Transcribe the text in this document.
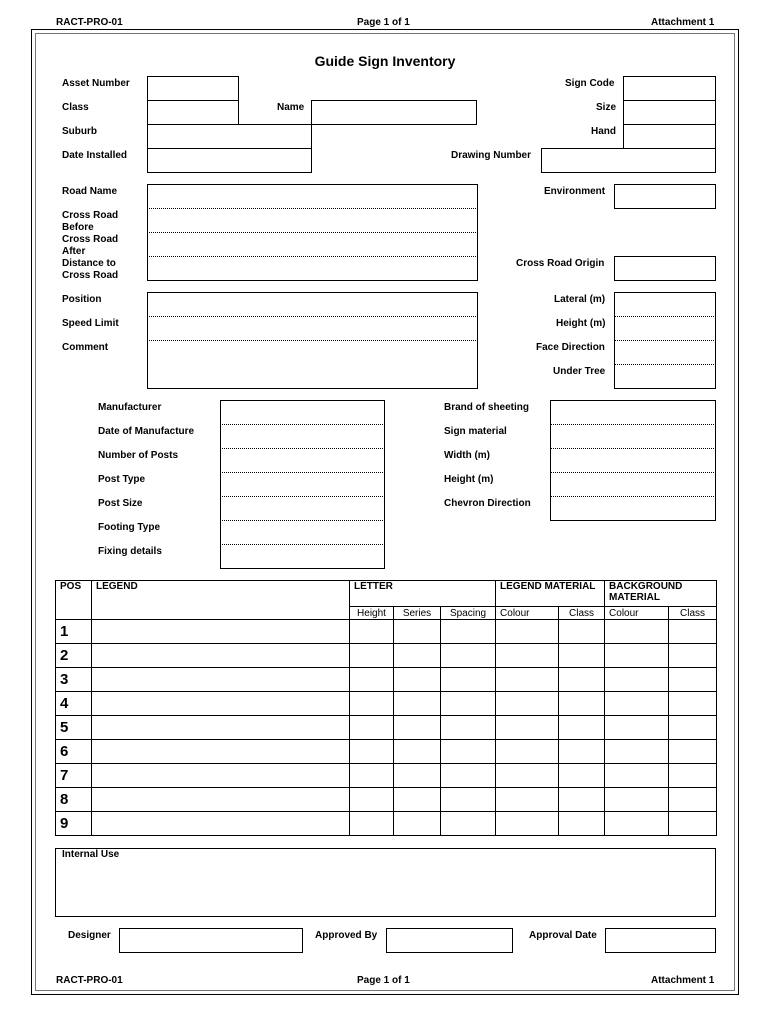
RACT-PRO-01	Page 1 of 1	Attachment 1
Guide Sign Inventory
Asset Number
Class	Name
Suburb
Date Installed
Sign Code
Size
Hand
Drawing Number
Road Name
Cross Road Before
Cross Road After
Distance to Cross Road
Environment
Cross Road Origin
Position
Speed Limit
Comment
Lateral (m)
Height (m)
Face Direction
Under Tree
Manufacturer
Date of Manufacture
Number of Posts
Post Type
Post Size
Footing Type
Fixing details
Brand of sheeting
Sign material
Width (m)
Height (m)
Chevron Direction
POS	LEGEND	LETTER			LEGEND MATERIAL		BACKGROUND MATERIAL	
		Height	Series	Spacing	Colour	Class	Colour	Class
1								
2								
3								
4								
5								
6								
7								
8								
9								
Internal Use
Designer	Approved By	Approval Date
RACT-PRO-01	Page 1 of 1	Attachment 1
